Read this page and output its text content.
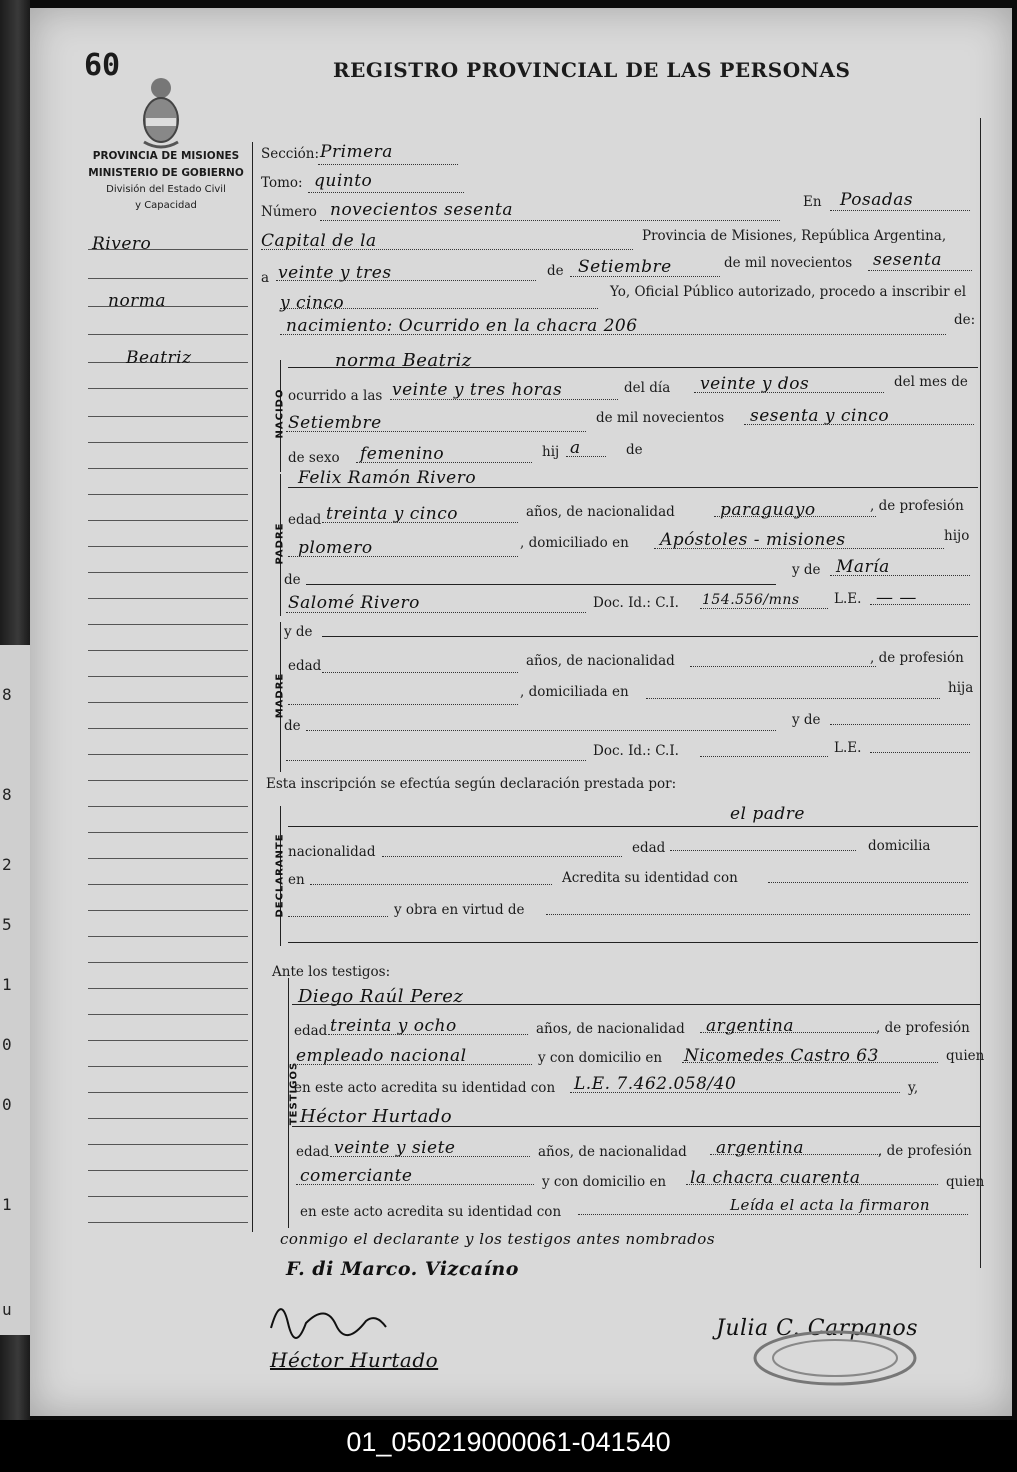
8
8
2
5
1
0
0
1
u
60	REGISTRO PROVINCIAL DE LAS PERSONAS
PROVINCIA DE MISIONES
MINISTERIO DE GOBIERNO
División del Estado Civil
y Capacidad
Rivero
norma
Beatriz
Sección: Primera
Tomo: quinto
Número novecientos sesenta	En Posadas
Capital de la	Provincia de Misiones, República Argentina,
a veinte y tres	de Setiembre	de mil novecientos sesenta
y cinco
Yo, Oficial Público autorizado, procedo a inscribir el
nacimiento: Ocurrido en la chacra 206	de:
NACIDO
norma Beatriz
ocurrido a las veinte y tres horas	del día veinte y dos	del mes de
Setiembre	de mil novecientos sesenta y cinco
de sexo femenino	hij a	de
PADRE
Felix Ramón Rivero
edad treinta y cinco	años, de nacionalidad	paraguayo	, de profesión
plomero	, domiciliado en Apóstoles - misiones	hijo
de
y de María
Salomé Rivero	Doc. Id.: C.I. 154.556/mns	L.E. — —
MADRE
y de
edad	años, de nacionalidad	, de profesión
, domiciliada en	hija
de	y de
Doc. Id.: C.I.	L.E.
Esta inscripción se efectúa según declaración prestada por:
DECLARANTE
el padre
nacionalidad	edad	domicilia
en	Acredita su identidad con
y obra en virtud de
Ante los testigos:
TESTIGOS
Diego Raúl Perez
edad treinta y ocho	años, de nacionalidad argentina	, de profesión
empleado nacional	y con domicilio en Nicomedes Castro 63	quien
en este acto acredita su identidad con L.E. 7.462.058/40	y,
Héctor Hurtado
edad veinte y siete	años, de nacionalidad argentina	, de profesión
comerciante	y con domicilio en la chacra cuarenta	quien
en este acto acredita su identidad con	Leída el acta la firmaron
conmigo el declarante y los testigos antes nombrados
F. di Marco. Vizcaíno
Héctor Hurtado
Julia C. Carpanos
01_050219000061-041540
